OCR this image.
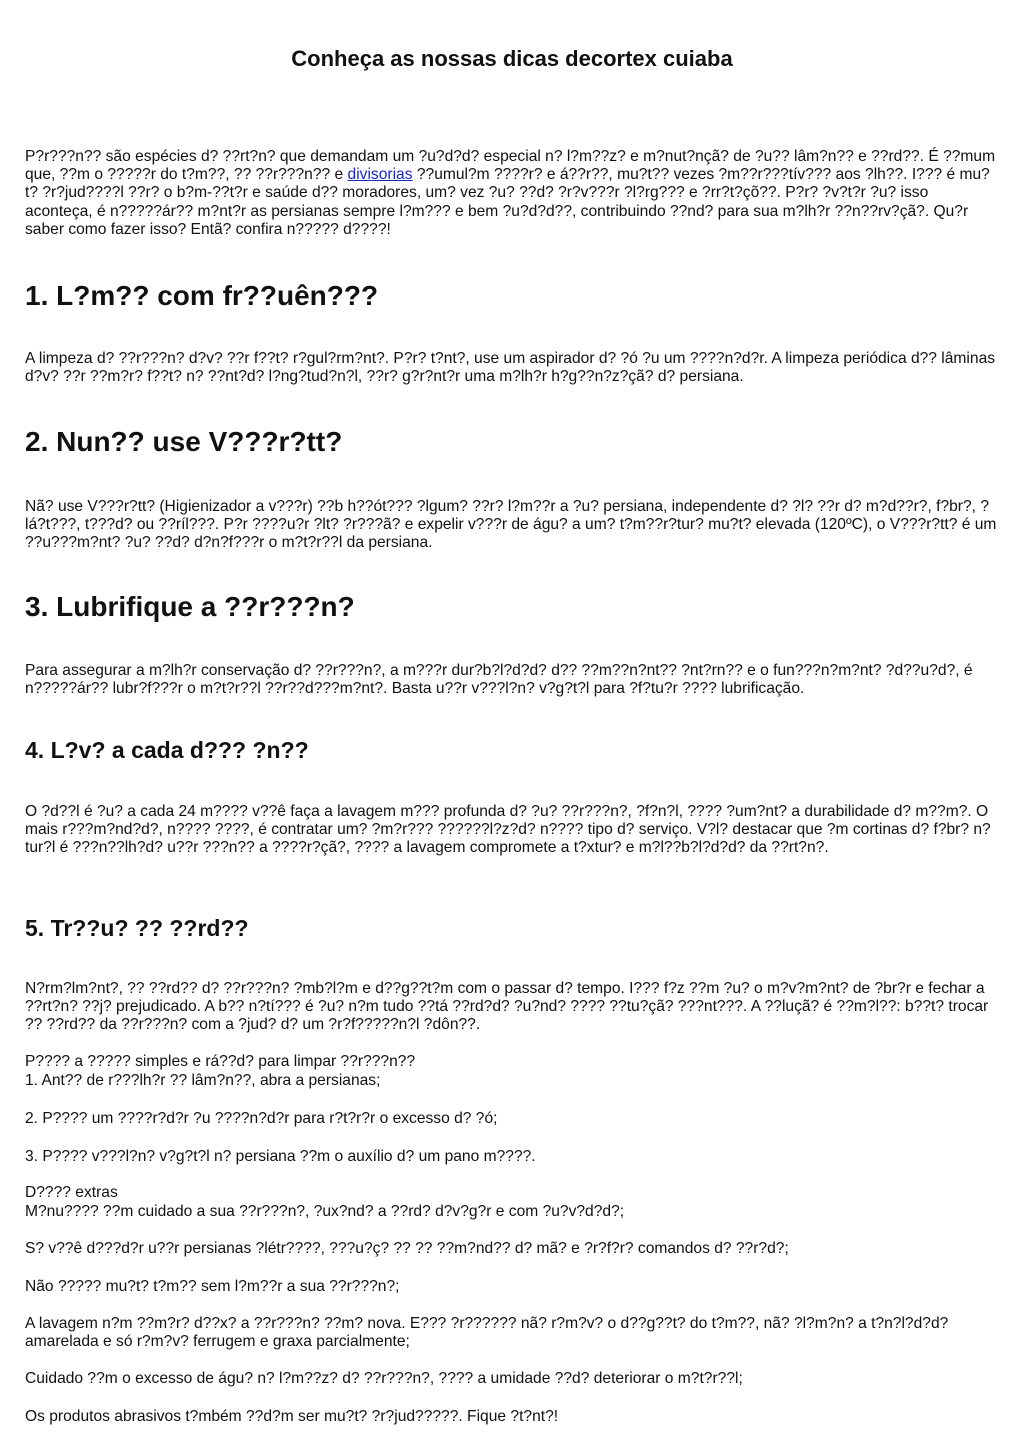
Conheça as nossas dicas decortex cuiaba

P?r???n?? são espécies d? ??rt?n? que demandam um ?u?d?d? especial n? l?m??z? e m?nut?nçã? de ?u?? lâm?n?? e ??rd??. É ??mum que, ??m o ?????r do t?m??, ?? ??r???n?? e divisorias ??umul?m ????r? e á??r??, mu?t?? vezes ?m??r???tív??? aos ?lh??. I??? é mu?t? ?r?jud????l ??r? o b?m-??t?r e saúde d?? moradores, um? vez ?u? ??d? ?r?v???r ?l?rg??? e ?rr?t?çõ??. P?r? ?v?t?r ?u? isso aconteça, é n?????ár?? m?nt?r as persianas sempre l?m??? e bem ?u?d?d??, contribuindo ??nd? para sua m?lh?r ??n??rv?çã?. Qu?r saber como fazer isso? Entã? confira n????? d????!

1. L?m?? com fr??uên???

A limpeza d? ??r???n? d?v? ??r f??t? r?gul?rm?nt?. P?r? t?nt?, use um aspirador d? ?ó ?u um ????n?d?r. A limpeza periódica d?? lâminas d?v? ??r ??m?r? f??t? n? ??nt?d? l?ng?tud?n?l, ??r? g?r?nt?r uma m?lh?r h?g??n?z?çã? d? persiana.

2. Nun?? use V???r?tt?

Nã? use V???r?tt? (Higienizador a v???r) ??b h??ót??? ?lgum? ??r? l?m??r a ?u? persiana, independente d? ?l? ??r d? m?d??r?, f?br?, ?lá?t???, t???d? ou ??ríl???. P?r ????u?r ?lt? ?r???ã? e expelir v???r de águ? a um? t?m??r?tur? mu?t? elevada (120ºC), o V???r?tt? é um ??u???m?nt? ?u? ??d? d?n?f???r o m?t?r??l da persiana.

3. Lubrifique a ??r???n?

Para assegurar a m?lh?r conservação d? ??r???n?, a m???r dur?b?l?d?d? d?? ??m??n?nt?? ?nt?rn?? e o fun???n?m?nt? ?d??u?d?, é n?????ár?? lubr?f???r o m?t?r??l ??r??d???m?nt?. Basta u??r v???l?n? v?g?t?l para ?f?tu?r ???? lubrificação.

4. L?v? a cada d??? ?n??

O ?d??l é ?u? a cada 24 m???? v??ê faça a lavagem m??? profunda d? ?u? ??r???n?, ?f?n?l, ???? ?um?nt? a durabilidade d? m??m?. O mais r???m?nd?d?, n???? ????, é contratar um? ?m?r??? ??????l?z?d? n???? tipo d? serviço. V?l? destacar que ?m cortinas d? f?br? n?tur?l é ???n??lh?d? u??r ???n?? a ????r?çã?, ???? a lavagem compromete a t?xtur? e m?l??b?l?d?d? da ??rt?n?.

5. Tr??u? ?? ??rd??

N?rm?lm?nt?, ?? ??rd?? d? ??r???n? ?mb?l?m e d??g??t?m com o passar d? tempo. I??? f?z ??m ?u? o m?v?m?nt? de ?br?r e fechar a ??rt?n? ??j? prejudicado. A b?? n?tí??? é ?u? n?m tudo ??tá ??rd?d? ?u?nd? ???? ??tu?çã? ???nt???. A ??luçã? é ??m?l??: b??t? trocar ?? ??rd?? da ??r???n? com a ?jud? d? um ?r?f?????n?l ?dôn??.

P???? a ????? simples e rá??d? para limpar ??r???n??

1. Ant?? de r???lh?r ?? lâm?n??, abra a persianas;

2. P???? um ????r?d?r ?u ????n?d?r para r?t?r?r o excesso d? ?ó;

3. P???? v???l?n? v?g?t?l n? persiana ??m o auxílio d? um pano m????.

D???? extras

M?nu???? ??m cuidado a sua ??r???n?, ?ux?nd? a ??rd? d?v?g?r e com ?u?v?d?d?;

S? v??ê d???d?r u??r persianas ?létr????, ???u?ç? ?? ?? ??m?nd?? d? mã? e ?r?f?r? comandos d? ??r?d?;

Não ????? mu?t? t?m?? sem l?m??r a sua ??r???n?;

A lavagem n?m ??m?r? d??x? a ??r???n? ??m? nova. E??? ?r?????? nã? r?m?v? o d??g??t? do t?m??, nã? ?l?m?n? a t?n?l?d?d? amarelada e só r?m?v? ferrugem e graxa parcialmente;

Cuidado ??m o excesso de águ? n? l?m??z? d? ??r???n?, ???? a umidade ??d? deteriorar o m?t?r??l;

Os produtos abrasivos t?mbém ??d?m ser mu?t? ?r?jud?????. Fique ?t?nt?!
